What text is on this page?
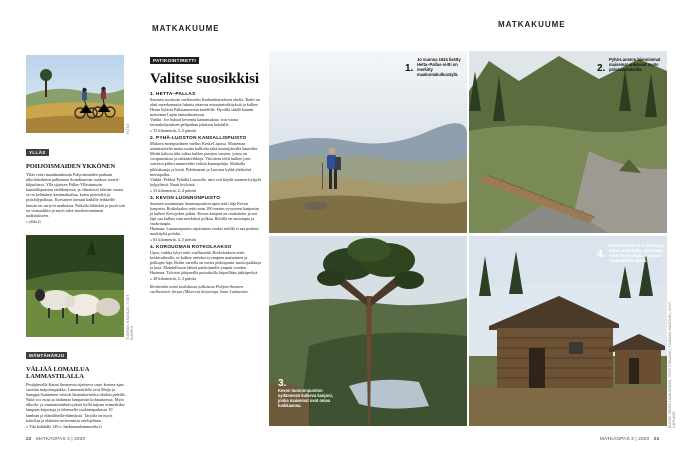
MATKAKUUME	MATKAKUUME
FOTO
YLLÄS
POHJOISMAIDEN YKKÖNEN
Ylläs voitti maailmankuulu Pohjoismaiden parhaan ulkoilukohteen palkinnon Scandinavian outdoor award -kilpailussa. Yllä sijaitsee Pallas-Yllästunturin kansallispuiston eteläkärjessä, ja olinaloiset lukiine vuotta se on kehittänyt kesämatkailua, kuten pyöräilyä ja pyöräilypolkuja. Korvaneet tarnuut kaikille leikkeille lumiin on siirtyvä matkoista. Paikalla lähitelää jo puoli sitä on virtuaalikin ja myös talvi-tarviketoiminnan uudistukseen.
» ylläs.fi
TUOMAS HAATAJA | VISIT KUOPIO
MÄNTÄHÄRJU
VÄLJÄÄ LOMAILUA LAMMASTILALLA
Pestäjärvellä Karan Suomessa sijaitseva suuri korona-ajan suosittu majoituspaikka. Lammastilalla ovat Maija ja Samppa Saatarinen vetävät lattiankoristeita tiloihin peleille. Niitä voi ostaa ja laiduntaa lampaisiin kohtauksessa. Myös ulkoilu- ja saunomisnähtävyyksiä kyllä tarjoaa esimerkiksi lampaat-kirjastoja ja lehenselle ruokintapaikassa 10 lambsin ja eläinlähellä-elämyksiä. Tarjolla on myös kahvilaa ja eläinten ravitsemista eriohjelmaa.
» Tila kohdalle 149 e, haikmaanlammastila.fi
PATIKOINTIRETTI
Valitse suosikkisi
1. HETTA–PALLAS
Suomen suosituin vaellusreitti Karhunkierroksen ohella. Reitti on aluti merekonuutta lukuisi ottaessa avtunturiväkityksiä ja kulkee Hetan kylästä Pallasmuonion hotellille. Hyvällä säällä kauniit maisemat Lapin tunturiluontoon.
Vinkki: Joe huhuri kevennä kantamuksia, voit varata tavarakuljetuksen pelipaikan jokaisen kohdalle.
» 55 kilometriä, 3–5 päivää
2. PYHÄ-LUOSTON KANSALLISPUISTO
Mukava monipuolinen vaellus Keski-Lapissa. Maisemaa avtunturiselta mutta mutta kalliolta sekä tunturijärviltä kauniilta. Meitti kaliota tiiki tultua kulkee purojen varsien, joissa on vesiputouksia ja rakkakivikkoja. Viitoitetu reitti kulkee joen varressa pitkin tuntureiden välisiä kurunpohjia. Matkalla pikkukuruja ja kiviä. Pyhätunturi ja Luoston kylää yhdistävä metsäpolku.
Vinkki: Pelikoi Pyhältä Luostolle, niin voit käydä suomen kylpylä kylpylässä. Nauti löylyistä.
» 33 kilometriä, 2–4 päivää
3. KEVON LUONNONPUISTO
Suomen suurimman luonnonpuiston upea reitti läpi Kevon kanjonin. Rotkolaakso reitti noin 100 metrin syvyiseen kanjoniin ja kulkee Kevojokea pitkin. Kevon kanjoni on rauhoitettu ja sen läpi saa kulkea vain merkittyä polkua. Reitillä on autiotupia ja vuokratupia.
Huomaa: Luonnonpuisto rajoitusten vuoksi reitillä ei saa poiketa merkityltä polulta.
» 63 kilometriä, 4–5 päivää
4. KOROUOMAN ROTKOLAAKSO
Upea, vaikka lyhyt reitti vaellusreitti Rotkolaakson reitti keskivaikealla, se kulkee useiden syvimpien maisemien ja polkujen läpi. Reitin varrella on useita pitkospuita, nuotiopaikkoja ja kota. Mahdollisuus lähteä patikoinnille ympäri vuoden.
Huomaa: Talvisin jäätyneillä putouksilla kiipeillään jääkiipeilyä.
» 28 kilometriä, 2–3 päivää
Reittivinkit antoi tiedokuusa julkaistun Pohjois-Suomen vaellusreitit -kirjan (Minerva) kirjoittaja Jouni Laaksonen.
1.
Jo vuonna 1934 lisätty Hetta–Pallas-reitti on merkitty maakuntakulkuväylä.
2.
Pyhä-Luoston hienoimmat maisemat aukeavat myös päivävaelluksilla.
3.
Kevon luonnonpuiston sydämessä kulkeva kanjoni, jonka maisemat ovat omaa luokkaansa.
4.
Korouomalla on 14 kaivoa ja kotaa, autiotupia, päivätupa sekä vuokratupia. Kuvassa Pöppökallion laavu.
KUVAT: JOUNI LAAKSONEN, VISIT FINLAND | TUOMAS HAATAJA | VISIT LAPLAND
22 MATKAOPAS 3 | 2020	MATKAOPAS 3 | 2020 23
